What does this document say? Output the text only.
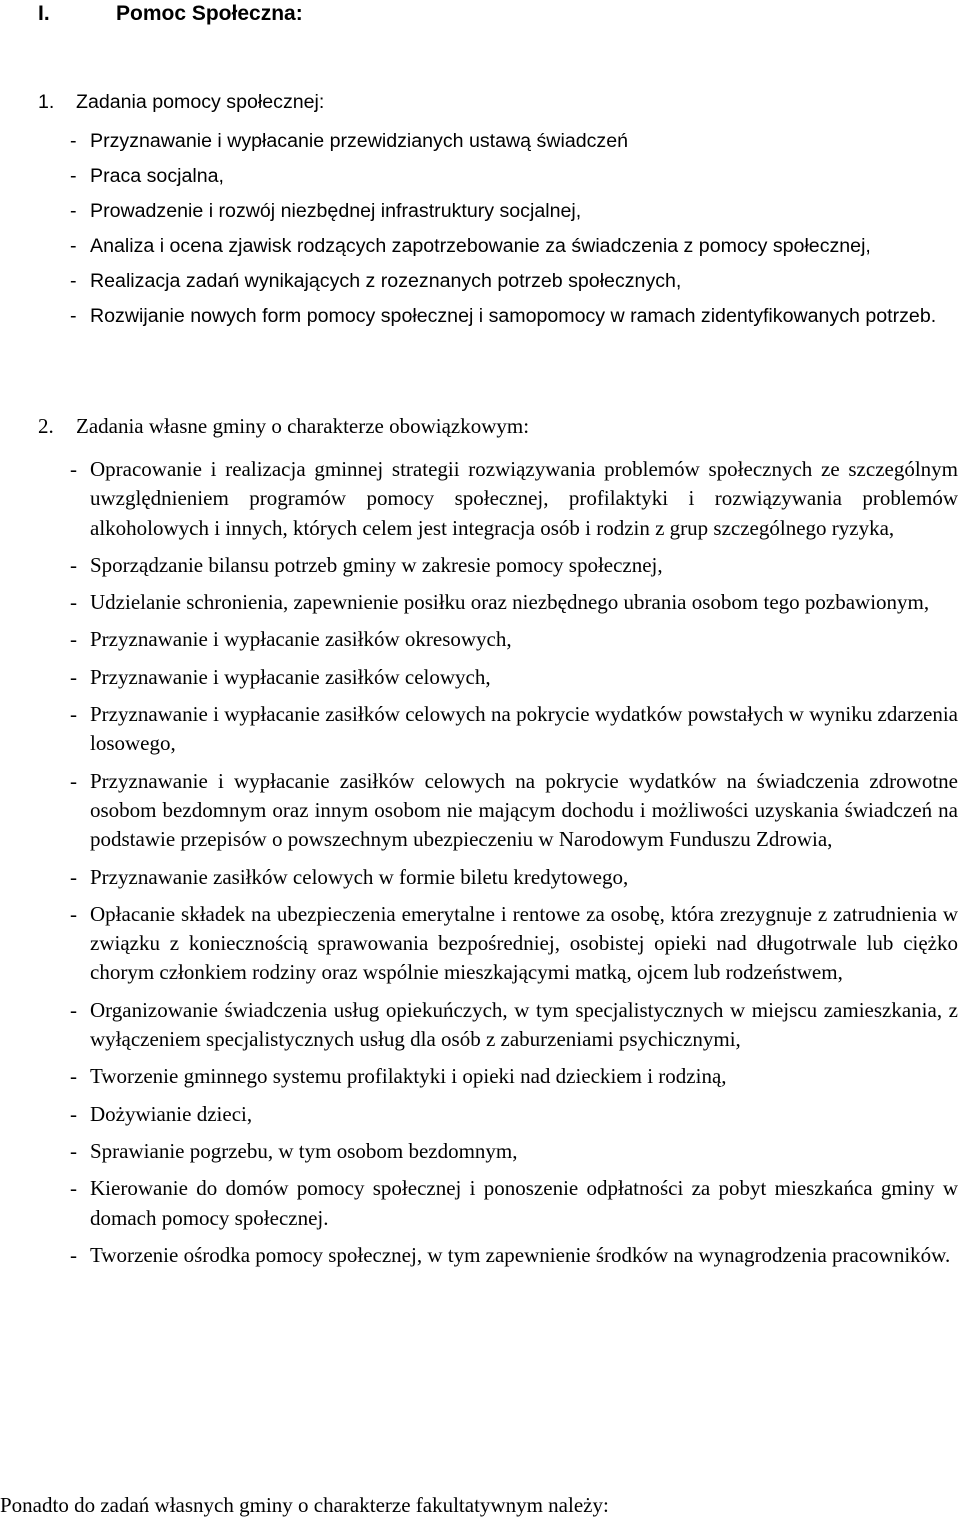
I.	Pomoc Społeczna:
1. Zadania pomocy społecznej:
- Przyznawanie i wypłacanie przewidzianych ustawą świadczeń
- Praca socjalna,
- Prowadzenie i rozwój niezbędnej infrastruktury socjalnej,
- Analiza i ocena zjawisk rodzących zapotrzebowanie za świadczenia z pomocy społecznej,
- Realizacja zadań wynikających z rozeznanych potrzeb społecznych,
- Rozwijanie nowych form pomocy społecznej i samopomocy w ramach zidentyfikowanych potrzeb.
2. Zadania własne gminy o charakterze obowiązkowym:
- Opracowanie i realizacja gminnej strategii rozwiązywania problemów społecznych ze szczególnym uwzględnieniem programów pomocy społecznej, profilaktyki i rozwiązywania problemów alkoholowych i innych, których celem jest integracja osób i rodzin z grup szczególnego ryzyka,
- Sporządzanie bilansu potrzeb gminy w zakresie pomocy społecznej,
- Udzielanie schronienia, zapewnienie posiłku oraz niezbędnego ubrania osobom tego pozbawionym,
- Przyznawanie i wypłacanie zasiłków okresowych,
- Przyznawanie i wypłacanie zasiłków celowych,
- Przyznawanie i wypłacanie zasiłków celowych na pokrycie wydatków powstałych w wyniku zdarzenia losowego,
- Przyznawanie i wypłacanie zasiłków celowych na pokrycie wydatków na świadczenia zdrowotne osobom bezdomnym oraz innym osobom nie mającym dochodu i możliwości uzyskania świadczeń na podstawie przepisów o powszechnym ubezpieczeniu w Narodowym Funduszu Zdrowia,
- Przyznawanie zasiłków celowych w formie biletu kredytowego,
- Opłacanie składek na ubezpieczenia emerytalne i rentowe za osobę, która zrezygnuje z zatrudnienia w związku z koniecznością sprawowania bezpośredniej, osobistej opieki nad długotrwale lub ciężko chorym członkiem rodziny oraz wspólnie mieszkającymi matką, ojcem lub rodzeństwem,
- Organizowanie świadczenia usług opiekuńczych, w tym specjalistycznych w miejscu zamieszkania, z wyłączeniem specjalistycznych usług dla osób z zaburzeniami psychicznymi,
- Tworzenie gminnego systemu profilaktyki i opieki nad dzieckiem i rodziną,
- Dożywianie dzieci,
- Sprawianie pogrzebu, w tym osobom bezdomnym,
- Kierowanie do domów pomocy społecznej i ponoszenie odpłatności za pobyt mieszkańca gminy w domach pomocy społecznej.
- Tworzenie ośrodka pomocy społecznej, w tym zapewnienie środków na wynagrodzenia pracowników.
Ponadto do zadań własnych gminy o charakterze fakultatywnym należy:
